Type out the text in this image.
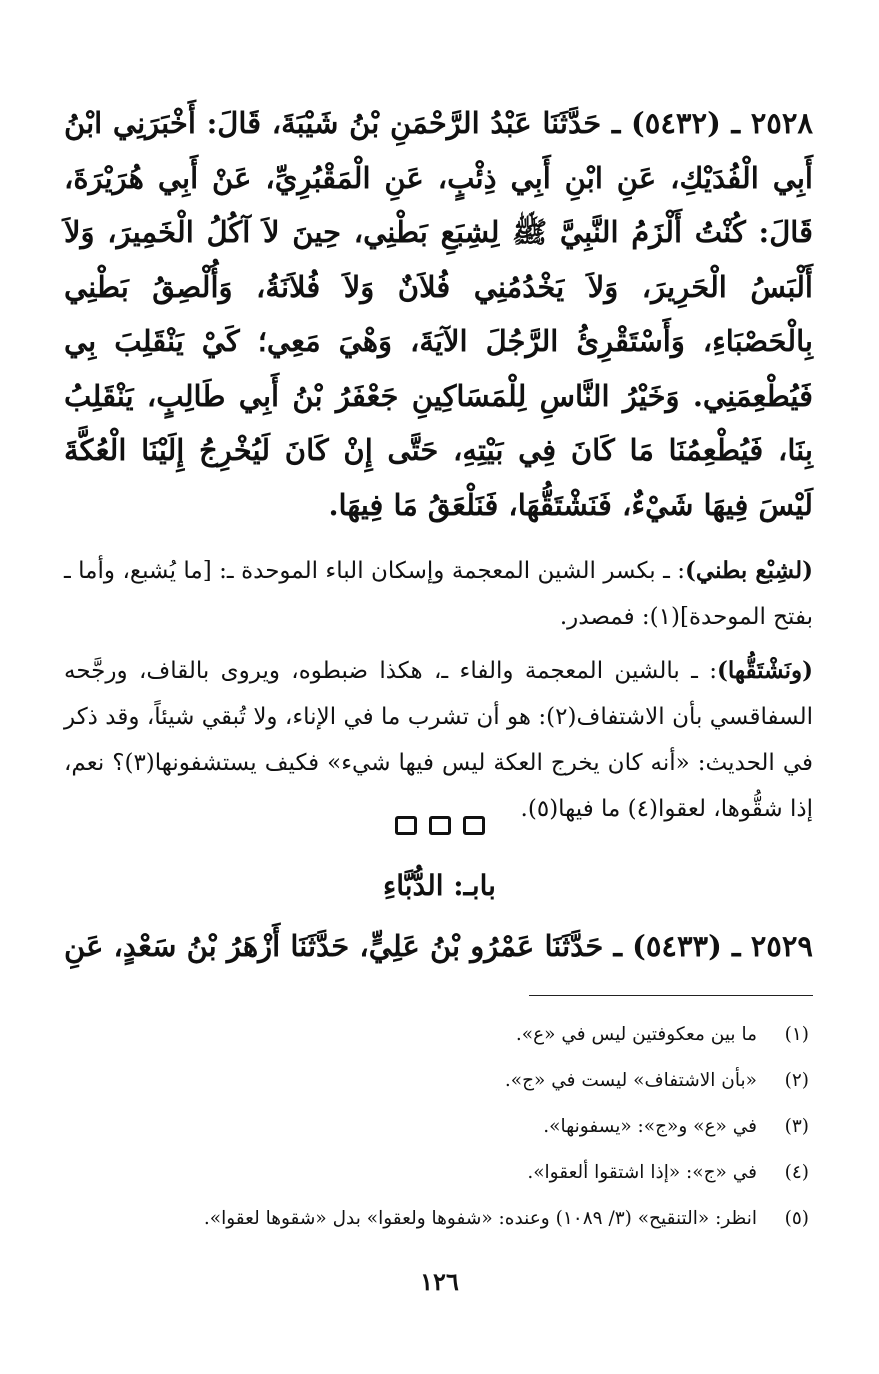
٢٥٢٨ ـ (٥٤٣٢) ـ حَدَّثَنَا عَبْدُ الرَّحْمَنِ بْنُ شَيْبَةَ، قَالَ: أَخْبَرَنِي ابْنُ أَبِي الْفُدَيْكِ، عَنِ ابْنِ أَبِي ذِئْبٍ، عَنِ الْمَقْبُرِيِّ، عَنْ أَبِي هُرَيْرَةَ، قَالَ: كُنْتُ أَلْزَمُ النَّبِيَّ ﷺ لِشِبَعِ بَطْنِي، حِينَ لاَ آكُلُ الْخَمِيرَ، وَلاَ أَلْبَسُ الْحَرِيرَ، وَلاَ يَخْدُمُنِي فُلاَنٌ وَلاَ فُلاَنَةُ، وَأُلْصِقُ بَطْنِي بِالْحَصْبَاءِ، وَأَسْتَقْرِئُ الرَّجُلَ الآيَةَ، وَهْيَ مَعِي؛ كَيْ يَنْقَلِبَ بِي فَيُطْعِمَنِي. وَخَيْرُ النَّاسِ لِلْمَسَاكِينِ جَعْفَرُ بْنُ أَبِي طَالِبٍ، يَنْقَلِبُ بِنَا، فَيُطْعِمُنَا مَا كَانَ فِي بَيْتِهِ، حَتَّى إِنْ كَانَ لَيُخْرِجُ إِلَيْنَا الْعُكَّةَ لَيْسَ فِيهَا شَيْءٌ، فَنَشْتَقُّهَا، فَنَلْعَقُ مَا فِيهَا.

(لشِبْع بطني): ـ بكسر الشين المعجمة وإسكان الباء الموحدة ـ: [ما يُشبع، وأما ـ بفتح الموحدة](١): فمصدر.

(ونَشْتَقُّها): ـ بالشين المعجمة والفاء ـ، هكذا ضبطوه، ويروى بالقاف، ورجَّحه السفاقسي بأن الاشتفاف(٢): هو أن تشرب ما في الإناء، ولا تُبقي شيئاً، وقد ذكر في الحديث: «أنه كان يخرج العكة ليس فيها شيء» فكيف يستشفونها(٣)؟ نعم، إذا شقُّوها، لعقوا(٤) ما فيها(٥).

بابـ: الدُّبَّاءِ

٢٥٢٩ ـ (٥٤٣٣) ـ حَدَّثَنَا عَمْرُو بْنُ عَلِيٍّ، حَدَّثَنَا أَزْهَرُ بْنُ سَعْدٍ، عَنِ

(١)ما بين معكوفتين ليس في «ع».
(٢)«بأن الاشتفاف» ليست في «ج».
(٣)في «ع» و«ج»: «يسفونها».
(٤)في «ج»: «إذا اشتقوا ألعقوا».
(٥)انظر: «التنقيح» (٣/ ١٠٨٩) وعنده: «شفوها ولعقوا» بدل «شقوها لعقوا».
١٢٦
